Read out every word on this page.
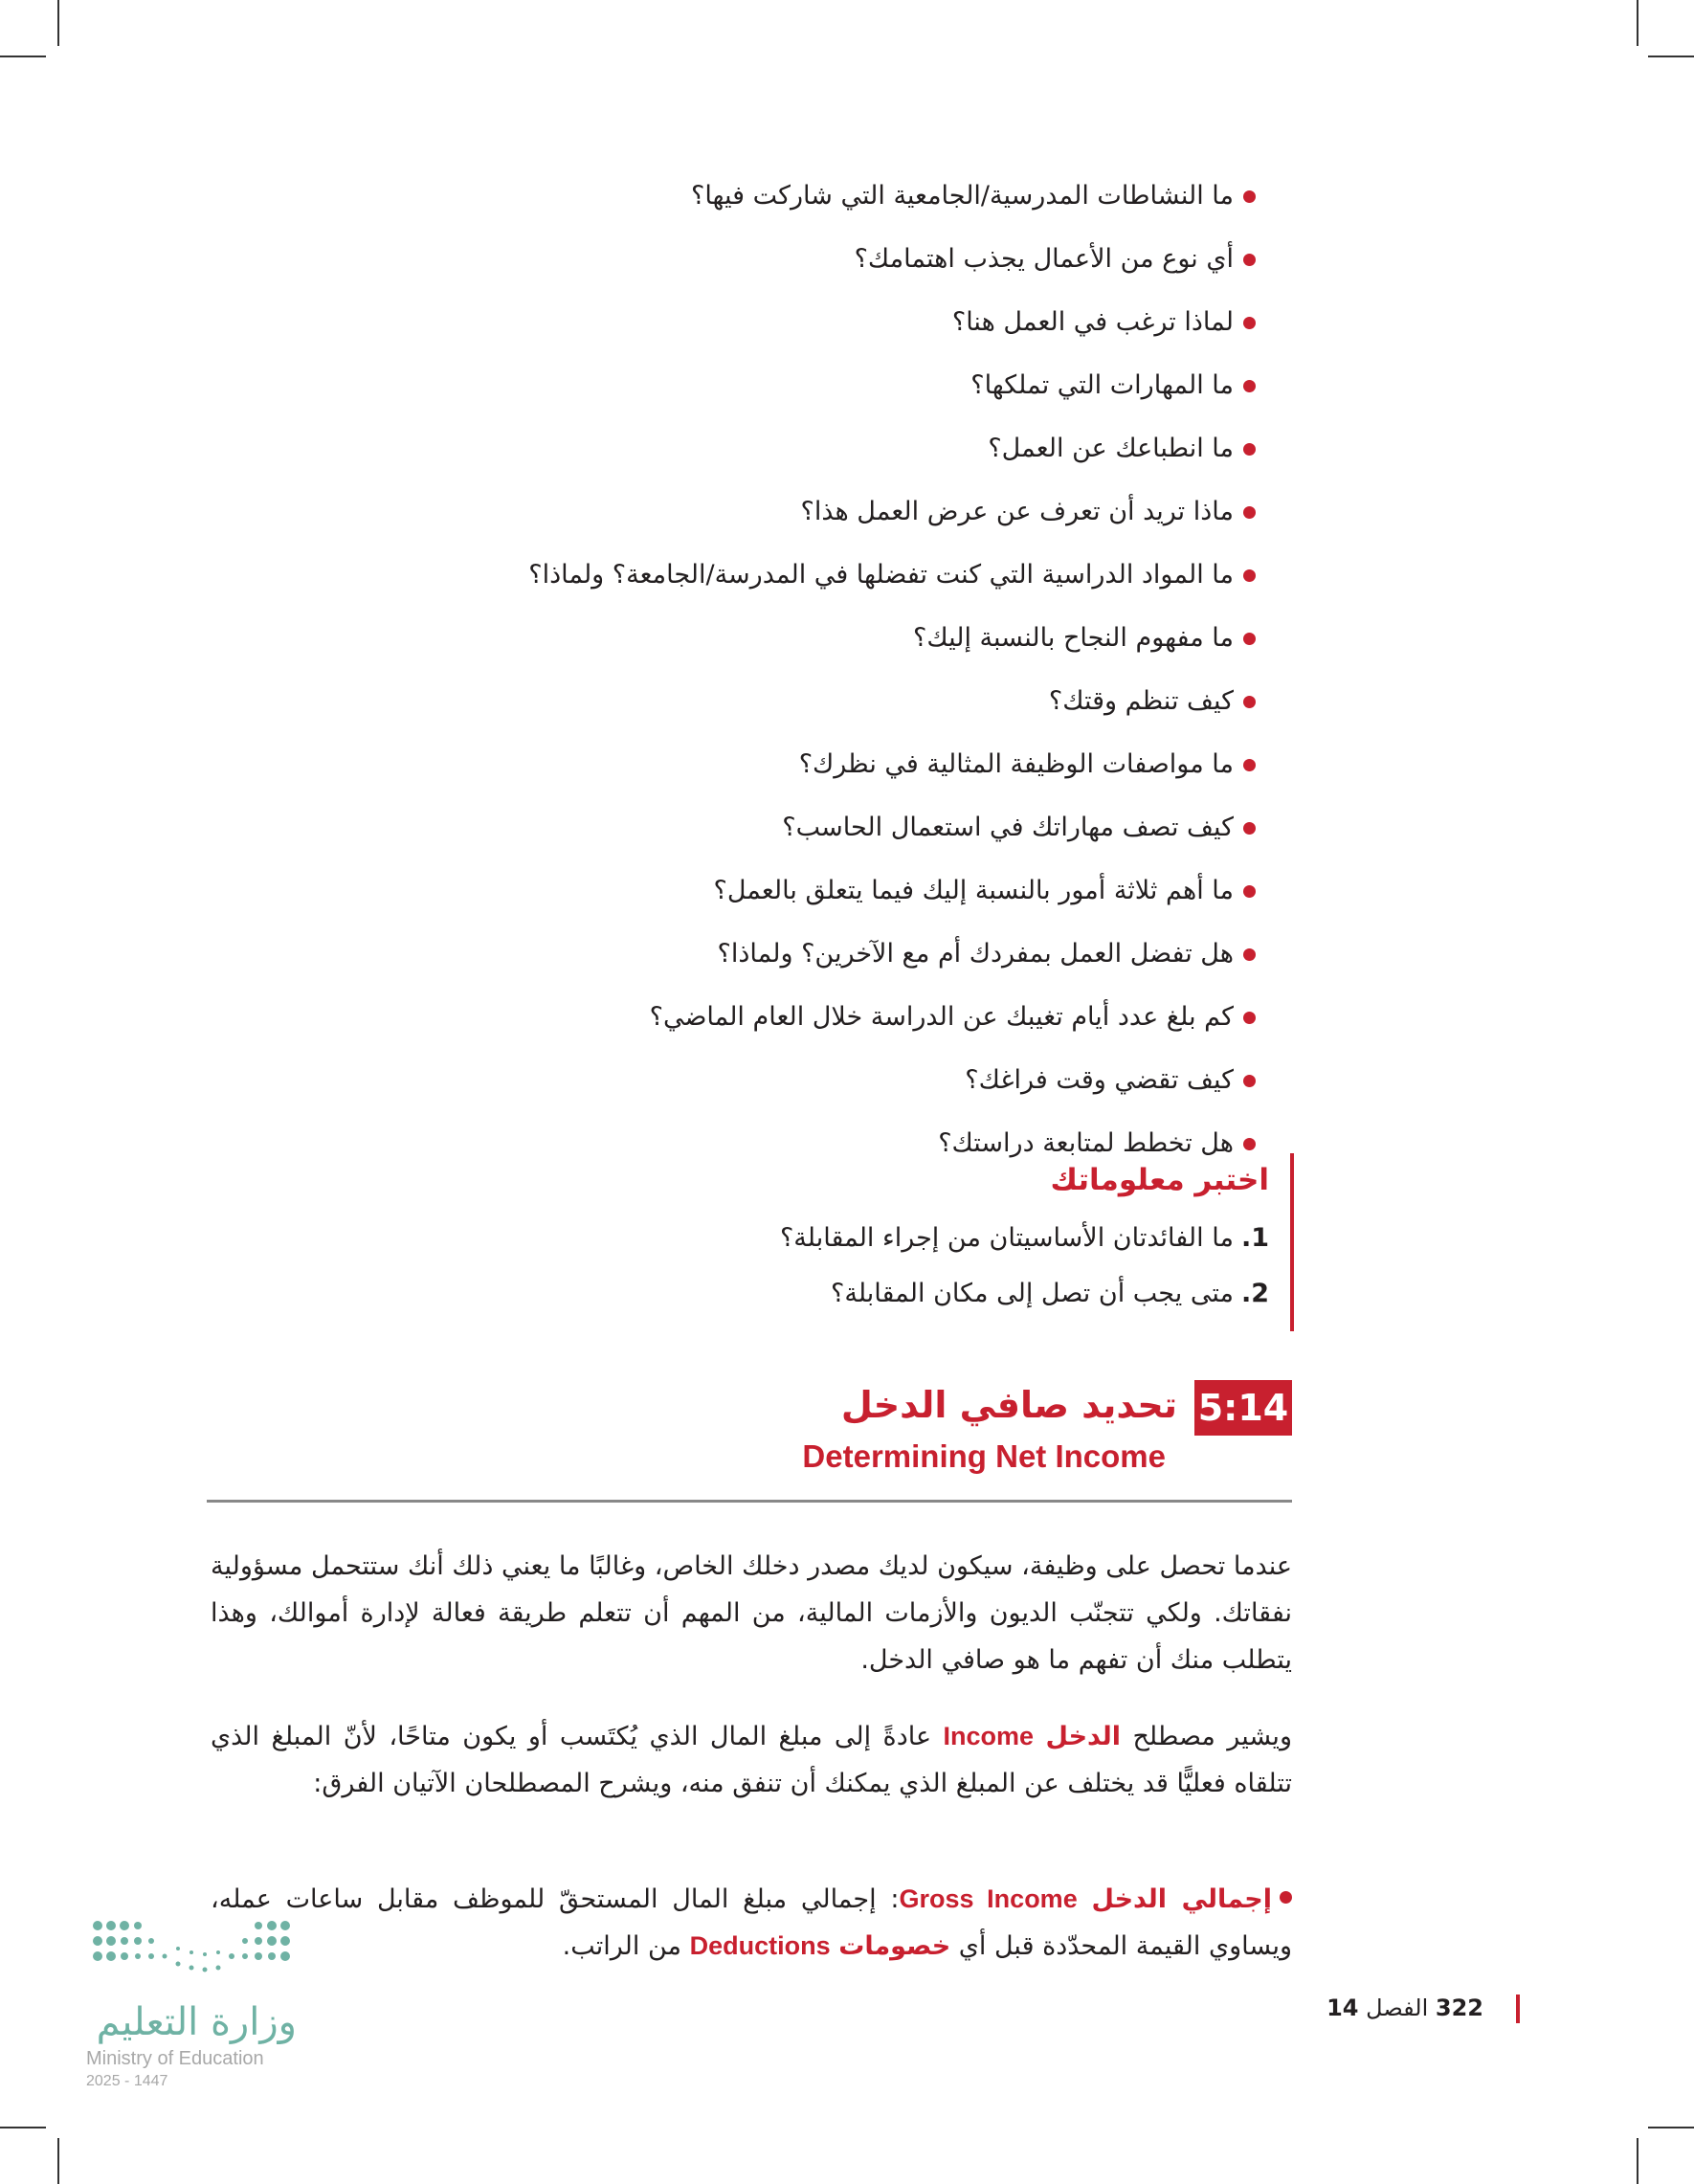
ما النشاطات المدرسية/الجامعية التي شاركت فيها؟
أي نوع من الأعمال يجذب اهتمامك؟
لماذا ترغب في العمل هنا؟
ما المهارات التي تملكها؟
ما انطباعك عن العمل؟
ماذا تريد أن تعرف عن عرض العمل هذا؟
ما المواد الدراسية التي كنت تفضلها في المدرسة/الجامعة؟ ولماذا؟
ما مفهوم النجاح بالنسبة إليك؟
كيف تنظم وقتك؟
ما مواصفات الوظيفة المثالية في نظرك؟
كيف تصف مهاراتك في استعمال الحاسب؟
ما أهم ثلاثة أمور بالنسبة إليك فيما يتعلق بالعمل؟
هل تفضل العمل بمفردك أم مع الآخرين؟ ولماذا؟
كم بلغ عدد أيام تغيبك عن الدراسة خلال العام الماضي؟
كيف تقضي وقت فراغك؟
هل تخطط لمتابعة دراستك؟
اختبر معلوماتك
1.
ما الفائدتان الأساسيتان من إجراء المقابلة؟
2.
متى يجب أن تصل إلى مكان المقابلة؟
5:14
تحديد صافي الدخل
Determining Net Income

عندما تحصل على وظيفة، سيكون لديك مصدر دخلك الخاص، وغالبًا ما يعني ذلك أنك ستتحمل مسؤولية نفقاتك. ولكي تتجنّب الديون والأزمات المالية، من المهم أن تتعلم طريقة فعالة لإدارة أموالك، وهذا يتطلب منك أن تفهم ما هو صافي الدخل.

ويشير مصطلح الدخل Income عادةً إلى مبلغ المال الذي يُكتَسب أو يكون متاحًا، لأنّ المبلغ الذي تتلقاه فعليًّا قد يختلف عن المبلغ الذي يمكنك أن تنفق منه، ويشرح المصطلحان الآتيان الفرق:

إجمالي الدخل Gross Income: إجمالي مبلغ المال المستحقّ للموظف مقابل ساعات عمله، ويساوي القيمة المحدّدة قبل أي خصومات Deductions من الراتب.

322 الفصل 14
وزارة التعليم
Ministry of Education
2025 - 1447
